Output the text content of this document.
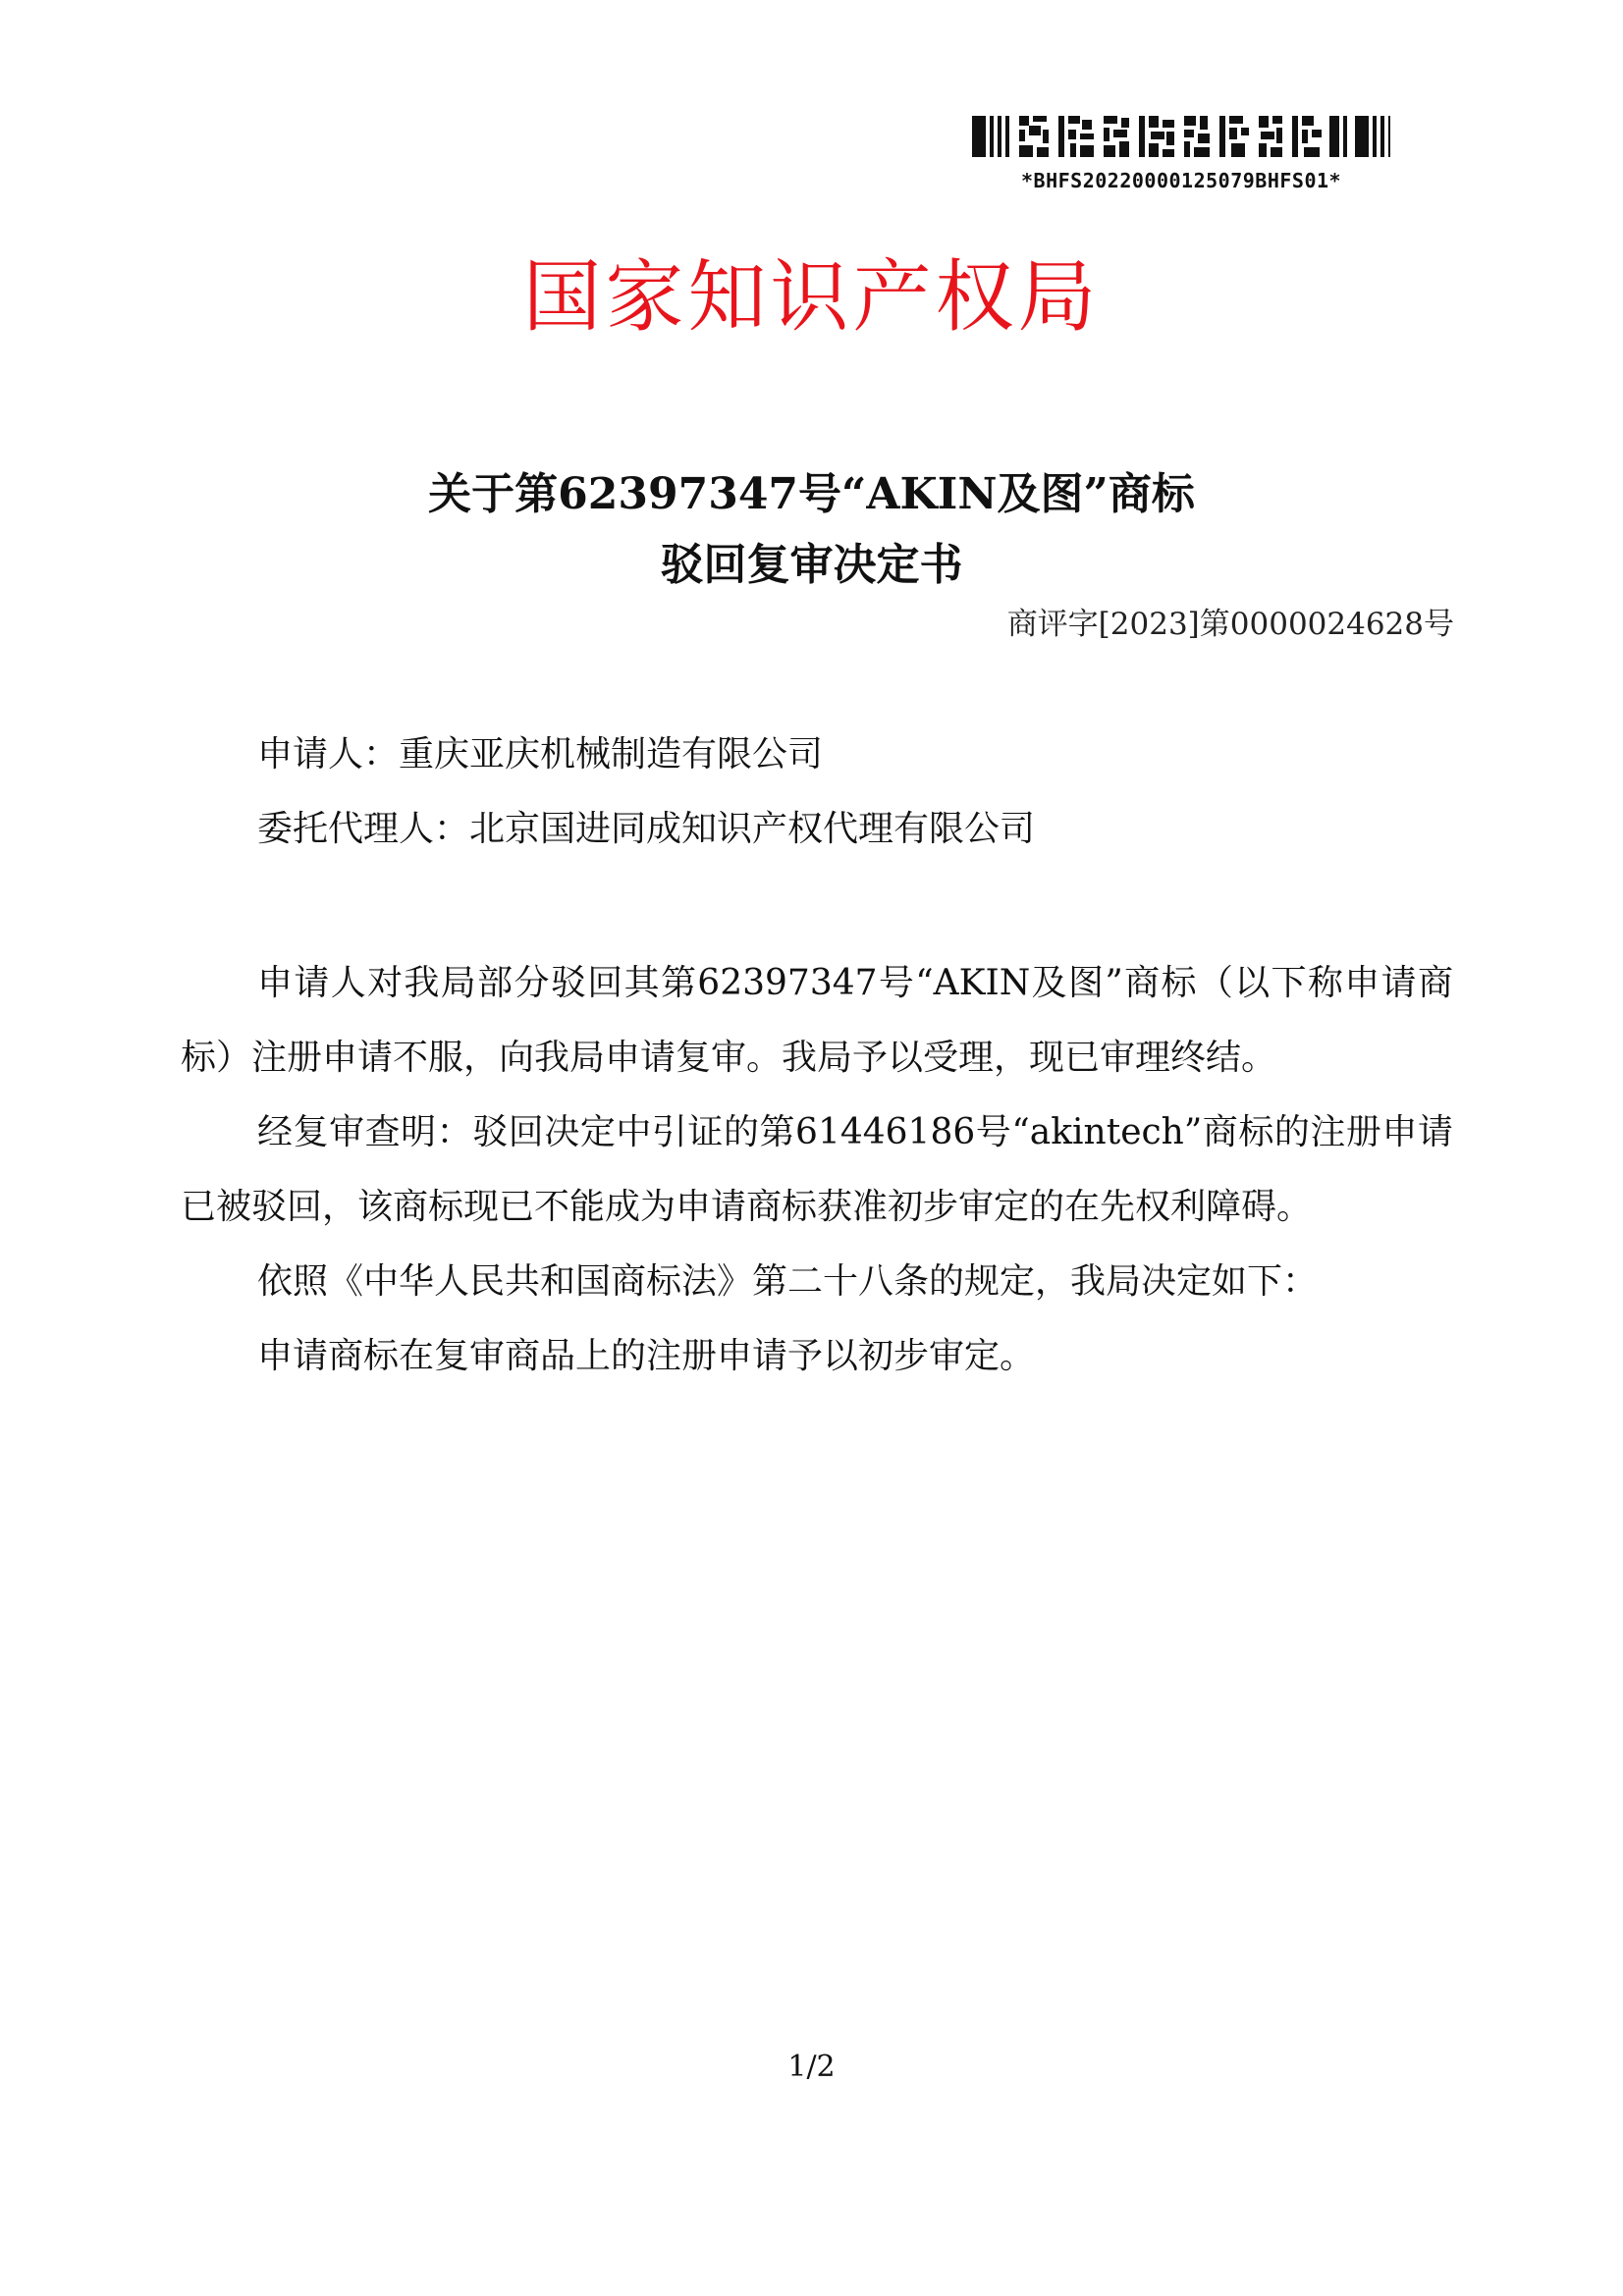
*BHFS20220000125079BHFS01*
国家知识产权局
关于第62397347号“AKIN及图”商标
驳回复审决定书
商评字[2023]第0000024628号
申请人：重庆亚庆机械制造有限公司
委托代理人：北京国进同成知识产权代理有限公司

申请人对我局部分驳回其第62397347号“AKIN及图”商标（以下称申请商标）注册申请不服，向我局申请复审。我局予以受理，现已审理终结。

经复审查明：驳回决定中引证的第61446186号“akintech”商标的注册申请已被驳回，该商标现已不能成为申请商标获准初步审定的在先权利障碍。

依照《中华人民共和国商标法》第二十八条的规定，我局决定如下：

申请商标在复审商品上的注册申请予以初步审定。

1/2
